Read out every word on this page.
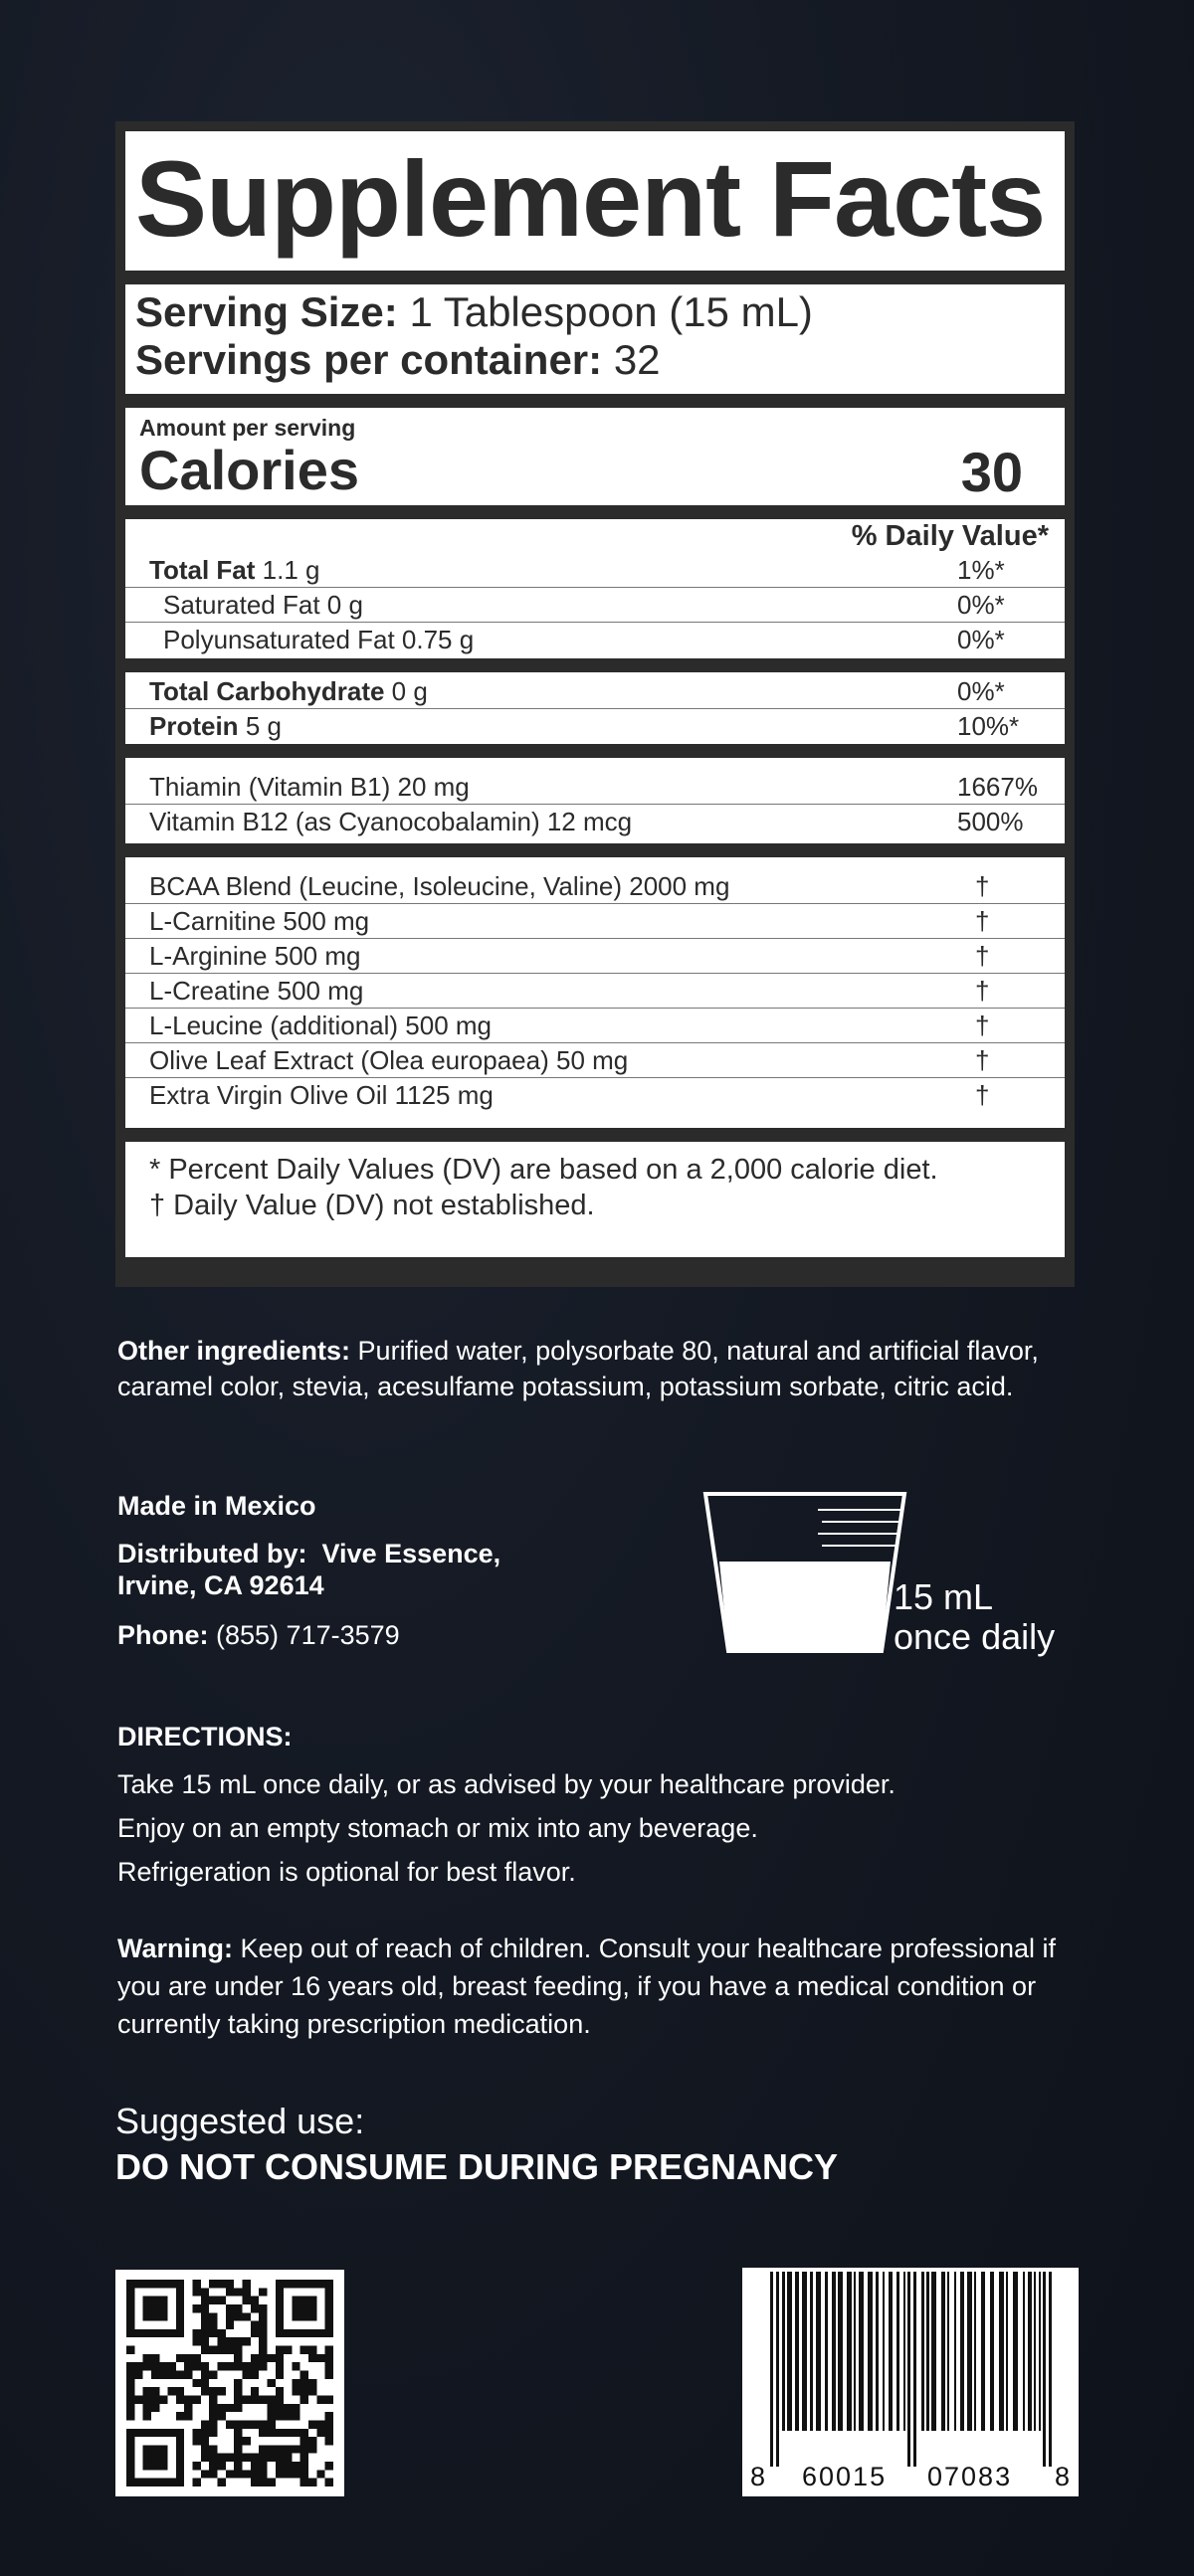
Supplement Facts
Serving Size: 1 Tablespoon (15 mL)
Servings per container: 32
Amount per serving
Calories	30
% Daily Value*
Total Fat 1.1 g	1%*
Saturated Fat 0 g	0%*
Polyunsaturated Fat 0.75 g	0%*
Total Carbohydrate 0 g	0%*
Protein 5 g	10%*
Thiamin (Vitamin B1) 20 mg	1667%
Vitamin B12 (as Cyanocobalamin) 12 mcg	500%
BCAA Blend (Leucine, Isoleucine, Valine) 2000 mg	†
L-Carnitine 500 mg	†
L-Arginine 500 mg	†
L-Creatine 500 mg	†
L-Leucine (additional) 500 mg	†
Olive Leaf Extract (Olea europaea) 50 mg	†
Extra Virgin Olive Oil 1125 mg	†
* Percent Daily Values (DV) are based on a 2,000 calorie diet.
† Daily Value (DV) not established.
Other ingredients: Purified water, polysorbate 80, natural and artificial flavor, caramel color, stevia, acesulfame potassium, potassium sorbate, citric acid.
Made in Mexico
Distributed by: Vive Essence,
Irvine, CA 92614
Phone: (855) 717-3579
15 mL
once daily
DIRECTIONS:
Take 15 mL once daily, or as advised by your healthcare provider.
Enjoy on an empty stomach or mix into any beverage.
Refrigeration is optional for best flavor.
Warning: Keep out of reach of children. Consult your healthcare professional if you are under 16 years old, breast feeding, if you have a medical condition or currently taking prescription medication.
Suggested use:
DO NOT CONSUME DURING PREGNANCY
8 60015 07083 8
